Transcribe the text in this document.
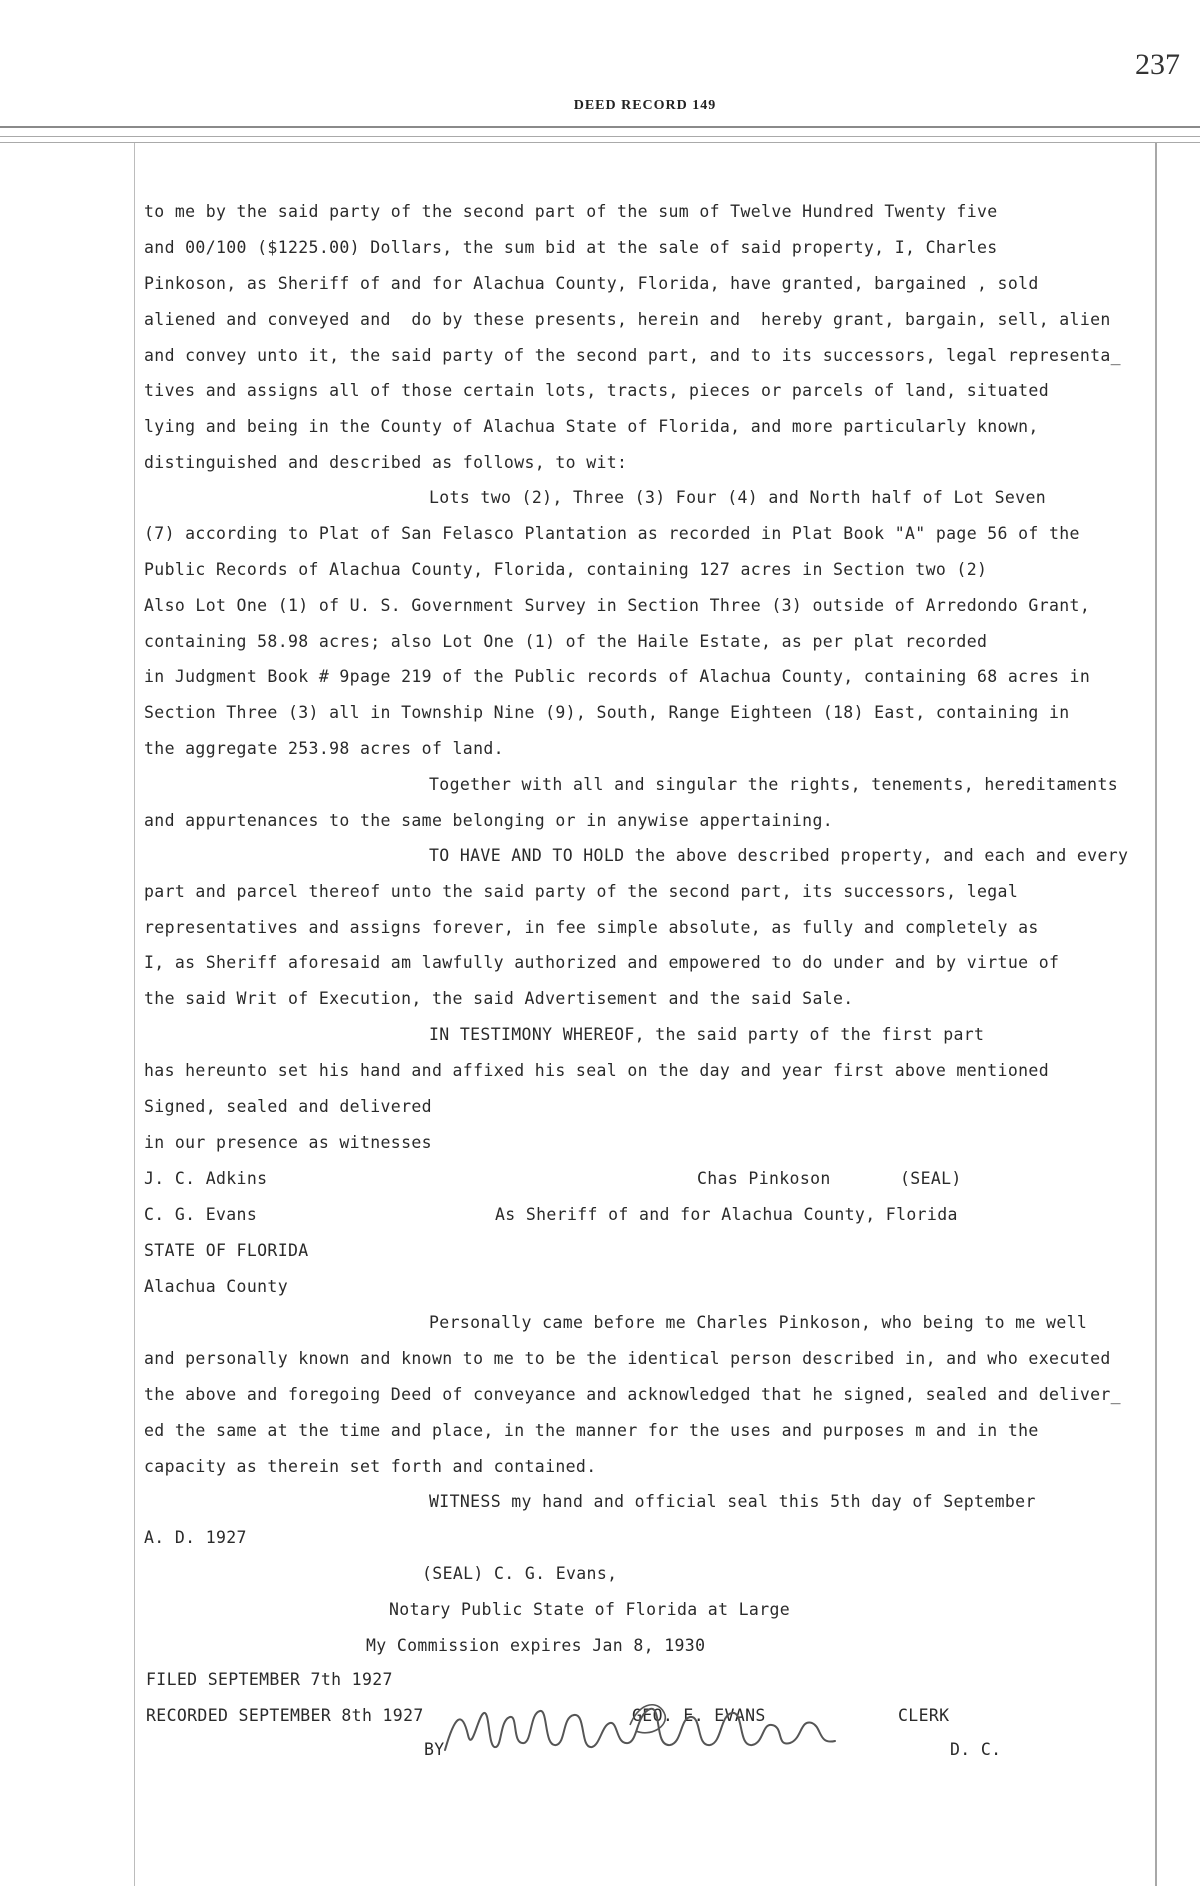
237
DEED RECORD 149
to me by the said party of the second part of the sum of Twelve Hundred Twenty five
and 00/100 ($1225.00) Dollars, the sum bid at the sale of said property, I, Charles
Pinkoson, as Sheriff of and for Alachua County, Florida, have granted, bargained , sold
aliened and conveyed and  do by these presents, herein and  hereby grant, bargain, sell, alien
and convey unto it, the said party of the second part, and to its successors, legal representa_
tives and assigns all of those certain lots, tracts, pieces or parcels of land, situated
lying and being in the County of Alachua State of Florida, and more particularly known,
distinguished and described as follows, to wit:
Lots two (2), Three (3) Four (4) and North half of Lot Seven
(7) according to Plat of San Felasco Plantation as recorded in Plat Book "A" page 56 of the
Public Records of Alachua County, Florida, containing 127 acres in Section two (2)
Also Lot One (1) of U. S. Government Survey in Section Three (3) outside of Arredondo Grant,
containing 58.98 acres; also Lot One (1) of the Haile Estate, as per plat recorded
in Judgment Book # 9page 219 of the Public records of Alachua County, containing 68 acres in
Section Three (3) all in Township Nine (9), South, Range Eighteen (18) East, containing in
the aggregate 253.98 acres of land.
Together with all and singular the rights, tenements, hereditaments
and appurtenances to the same belonging or in anywise appertaining.
TO HAVE AND TO HOLD the above described property, and each and every
part and parcel thereof unto the said party of the second part, its successors, legal
representatives and assigns forever, in fee simple absolute, as fully and completely as
I, as Sheriff aforesaid am lawfully authorized and empowered to do under and by virtue of
the said Writ of Execution, the said Advertisement and the said Sale.
IN TESTIMONY WHEREOF, the said party of the first part
has hereunto set his hand and affixed his seal on the day and year first above mentioned
Signed, sealed and delivered
in our presence as witnesses
J. C. Adkins	Chas Pinkoson	(SEAL)
C. G. Evans	As Sheriff of and for Alachua County, Florida
STATE OF FLORIDA
Alachua County
Personally came before me Charles Pinkoson, who being to me well
and personally known and known to me to be the identical person described in, and who executed
the above and foregoing Deed of conveyance and acknowledged that he signed, sealed and deliver_
ed the same at the time and place, in the manner for the uses and purposes m and in the
capacity as therein set forth and contained.
WITNESS my hand and official seal this 5th day of September
A. D. 1927
(SEAL) C. G. Evans,
Notary Public State of Florida at Large
My Commission expires Jan 8, 1930
FILED SEPTEMBER 7th 1927
RECORDED SEPTEMBER 8th 1927	GEO. E. EVANS	CLERK
BY	D. C.
